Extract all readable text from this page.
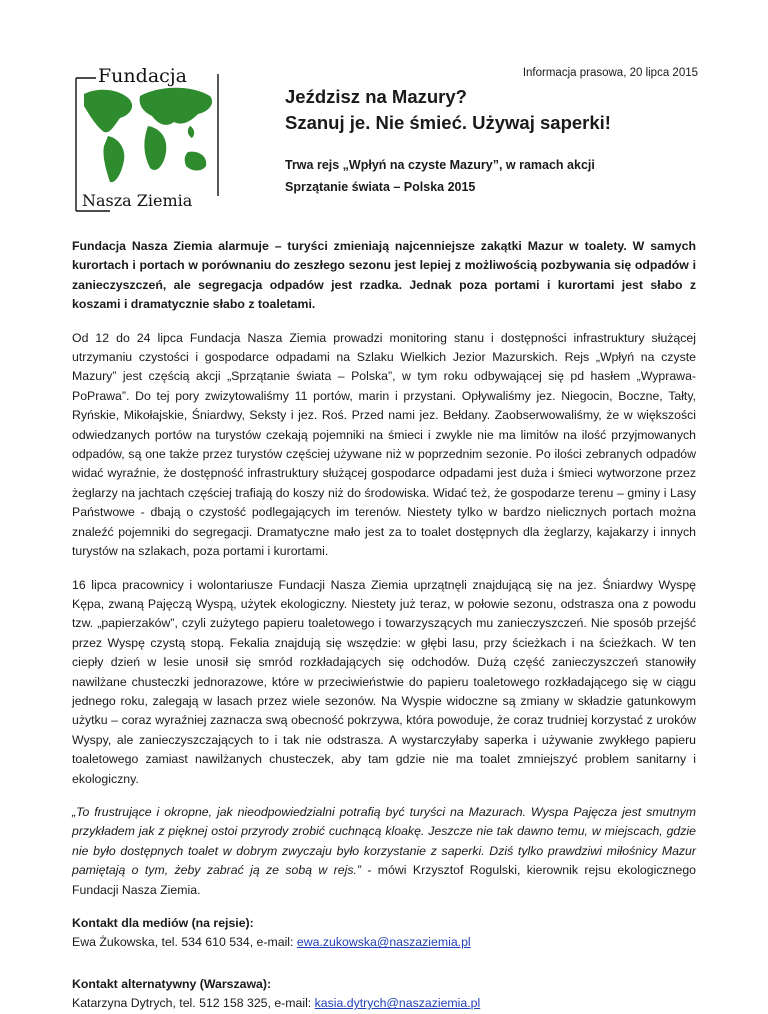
Fundacja
Nasza Ziemia
Informacja prasowa, 20 lipca 2015
Jeździsz na Mazury?
Szanuj je. Nie śmieć. Używaj saperki!
Trwa rejs „Wpłyń na czyste Mazury”, w ramach akcji
Sprzątanie świata – Polska 2015

Fundacja Nasza Ziemia alarmuje – turyści zmieniają najcenniejsze zakątki Mazur w toalety. W samych kurortach i portach w porównaniu do zeszłego sezonu jest lepiej z możliwością pozbywania się odpadów i zanieczyszczeń, ale segregacja odpadów jest rzadka. Jednak poza portami i kurortami jest słabo z koszami i dramatycznie słabo z toaletami.

Od 12 do 24 lipca Fundacja Nasza Ziemia prowadzi monitoring stanu i dostępności infrastruktury służącej utrzymaniu czystości i gospodarce odpadami na Szlaku Wielkich Jezior Mazurskich. Rejs „Wpłyń na czyste Mazury” jest częścią akcji „Sprzątanie świata – Polska”, w tym roku odbywającej się pd hasłem „Wyprawa-PoPrawa”. Do tej pory zwizytowaliśmy 11 portów, marin i przystani. Opływaliśmy jez. Niegocin, Boczne, Tałty, Ryńskie, Mikołajskie, Śniardwy, Seksty i jez. Roś. Przed nami jez. Bełdany. Zaobserwowaliśmy, że w większości odwiedzanych portów na turystów czekają pojemniki na śmieci i zwykle nie ma limitów na ilość przyjmowanych odpadów, są one także przez turystów częściej używane niż w poprzednim sezonie. Po ilości zebranych odpadów widać wyraźnie, że dostępność infrastruktury służącej gospodarce odpadami jest duża i śmieci wytworzone przez żeglarzy na jachtach częściej trafiają do koszy niż do środowiska. Widać też, że gospodarze terenu – gminy i Lasy Państwowe - dbają o czystość podlegających im terenów. Niestety tylko w bardzo nielicznych portach można znaleźć pojemniki do segregacji. Dramatyczne mało jest za to toalet dostępnych dla żeglarzy, kajakarzy i innych turystów na szlakach, poza portami i kurortami.

16 lipca pracownicy i wolontariusze Fundacji Nasza Ziemia uprzątnęli znajdującą się na jez. Śniardwy Wyspę Kępa, zwaną Pajęczą Wyspą, użytek ekologiczny. Niestety już teraz, w połowie sezonu, odstrasza ona z powodu tzw. „papierzaków”, czyli zużytego papieru toaletowego i towarzyszących mu zanieczyszczeń. Nie sposób przejść przez Wyspę czystą stopą. Fekalia znajdują się wszędzie: w głębi lasu, przy ścieżkach i na ścieżkach. W ten ciepły dzień w lesie unosił się smród rozkładających się odchodów. Dużą część zanieczyszczeń stanowiły nawilżane chusteczki jednorazowe, które w przeciwieństwie do papieru toaletowego rozkładającego się w ciągu jednego roku, zalegają w lasach przez wiele sezonów. Na Wyspie widoczne są zmiany w składzie gatunkowym użytku – coraz wyraźniej zaznacza swą obecność pokrzywa, która powoduje, że coraz trudniej korzystać z uroków Wyspy, ale zanieczyszczających to i tak nie odstrasza. A wystarczyłaby saperka i używanie zwykłego papieru toaletowego zamiast nawilżanych chusteczek, aby tam gdzie nie ma toalet zmniejszyć problem sanitarny i ekologiczny.

„To frustrujące i okropne, jak nieodpowiedzialni potrafią być turyści na Mazurach. Wyspa Pajęcza jest smutnym przykładem jak z pięknej ostoi przyrody zrobić cuchnącą kloakę. Jeszcze nie tak dawno temu, w miejscach, gdzie nie było dostępnych toalet w dobrym zwyczaju było korzystanie z saperki. Dziś tylko prawdziwi miłośnicy Mazur pamiętają o tym, żeby zabrać ją ze sobą w rejs.” - mówi Krzysztof Rogulski, kierownik rejsu ekologicznego Fundacji Nasza Ziemia.

Kontakt dla mediów (na rejsie):
Ewa Żukowska, tel. 534 610 534, e-mail: ewa.zukowska@naszaziemia.pl
Kontakt alternatywny (Warszawa):
Katarzyna Dytrych, tel. 512 158 325, e-mail: kasia.dytrych@naszaziemia.pl
